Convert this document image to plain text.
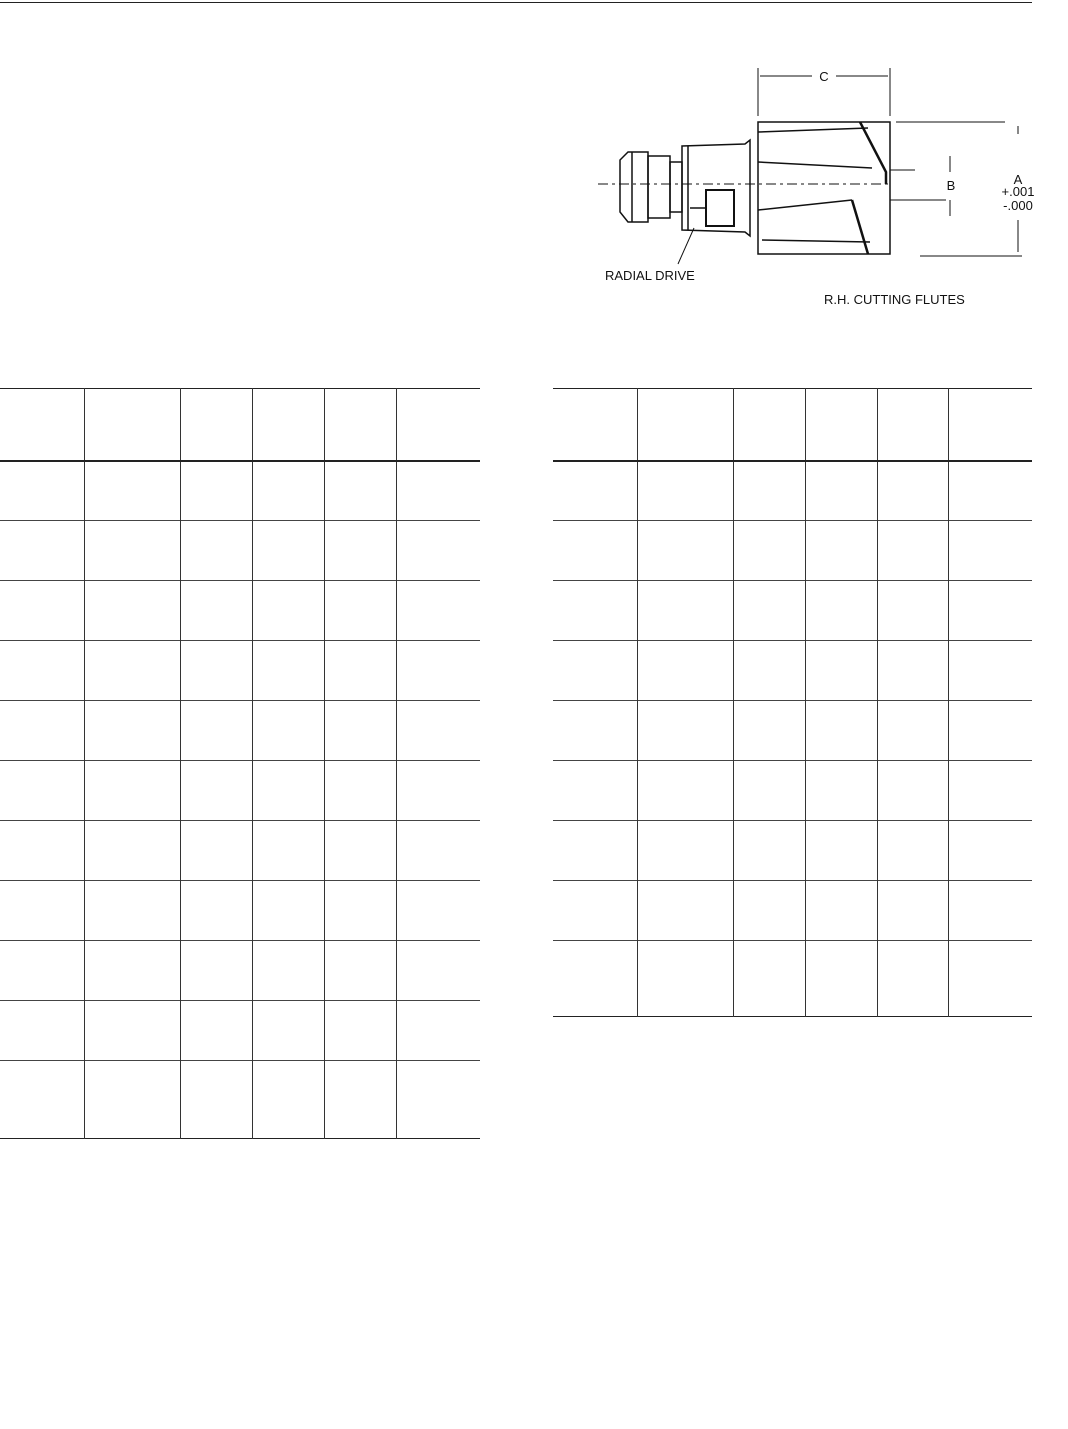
C
B	A
+.001
-.000
RADIAL DRIVE
R.H. CUTTING FLUTES
